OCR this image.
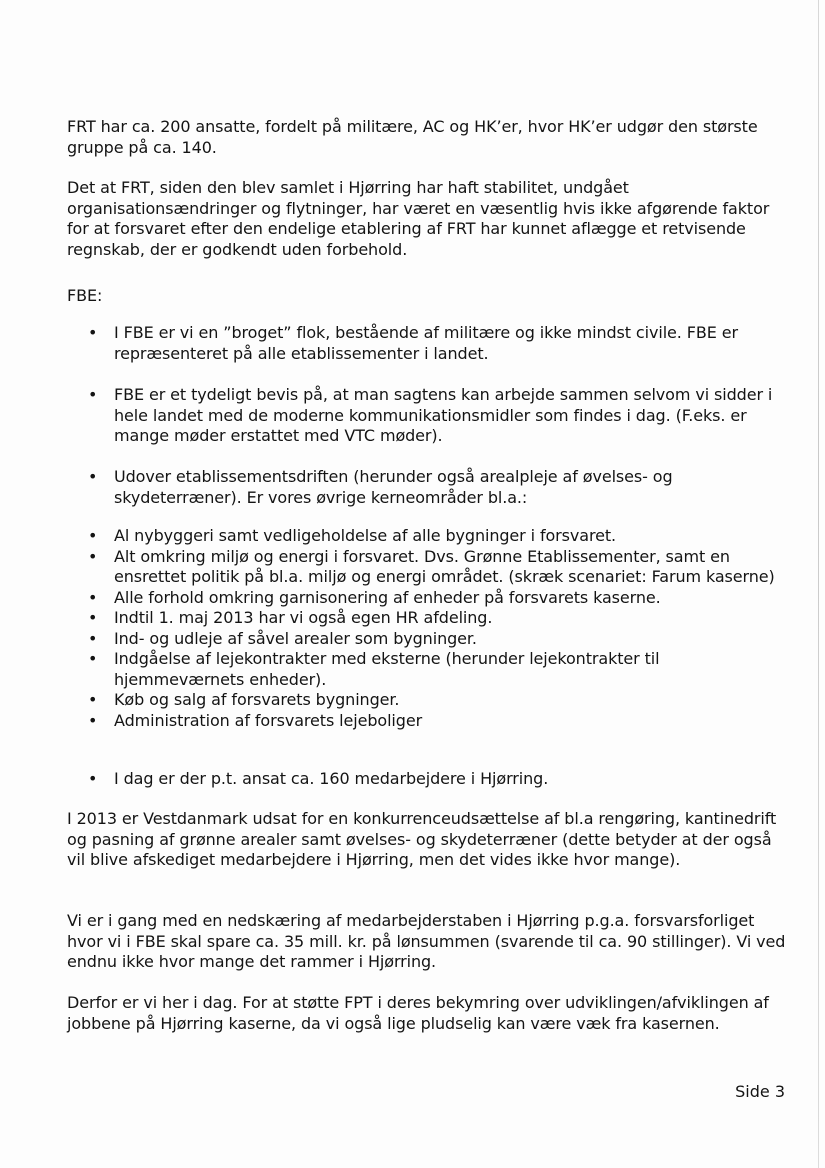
FRT har ca. 200 ansatte, fordelt på militære, AC og HK’er, hvor HK’er udgør den største gruppe på ca. 140.

Det at FRT, siden den blev samlet i Hjørring har haft stabilitet, undgået organisationsændringer og flytninger, har været en væsentlig hvis ikke afgørende faktor for at forsvaret efter den endelige etablering af FRT har kunnet aflægge et retvisende regnskab, der er godkendt uden forbehold.

FBE:

• I FBE er vi en ”broget” flok, bestående af militære og ikke mindst civile. FBE er repræsenteret på alle etablissementer i landet.
• FBE er et tydeligt bevis på, at man sagtens kan arbejde sammen selvom vi sidder i hele landet med de moderne kommunikationsmidler som findes i dag. (F.eks. er mange møder erstattet med VTC møder).
• Udover etablissementsdriften (herunder også arealpleje af øvelses- og skydeterræner). Er vores øvrige kerneområder bl.a.:
• Al nybyggeri samt vedligeholdelse af alle bygninger i forsvaret.
• Alt omkring miljø og energi i forsvaret. Dvs. Grønne Etablissementer, samt en ensrettet politik på bl.a. miljø og energi området. (skræk scenariet: Farum kaserne)
• Alle forhold omkring garnisonering af enheder på forsvarets kaserne.
• Indtil 1. maj 2013 har vi også egen HR afdeling.
• Ind- og udleje af såvel arealer som bygninger.
• Indgåelse af lejekontrakter med eksterne (herunder lejekontrakter til hjemmeværnets enheder).
• Køb og salg af forsvarets bygninger.
• Administration af forsvarets lejeboliger
• I dag er der p.t. ansat ca. 160 medarbejdere i Hjørring.

I 2013 er Vestdanmark udsat for en konkurrenceudsættelse af bl.a rengøring, kantinedrift og pasning af grønne arealer samt øvelses- og skydeterræner (dette betyder at der også vil blive afskediget medarbejdere i Hjørring, men det vides ikke hvor mange).

Vi er i gang med en nedskæring af medarbejderstaben i Hjørring p.g.a. forsvarsforliget hvor vi i FBE skal spare ca. 35 mill. kr. på lønsummen (svarende til ca. 90 stillinger). Vi ved endnu ikke hvor mange det rammer i Hjørring.

Derfor er vi her i dag. For at støtte FPT i deres bekymring over udviklingen/afviklingen af jobbene på Hjørring kaserne, da vi også lige pludselig kan være væk fra kasernen.

Side 3
